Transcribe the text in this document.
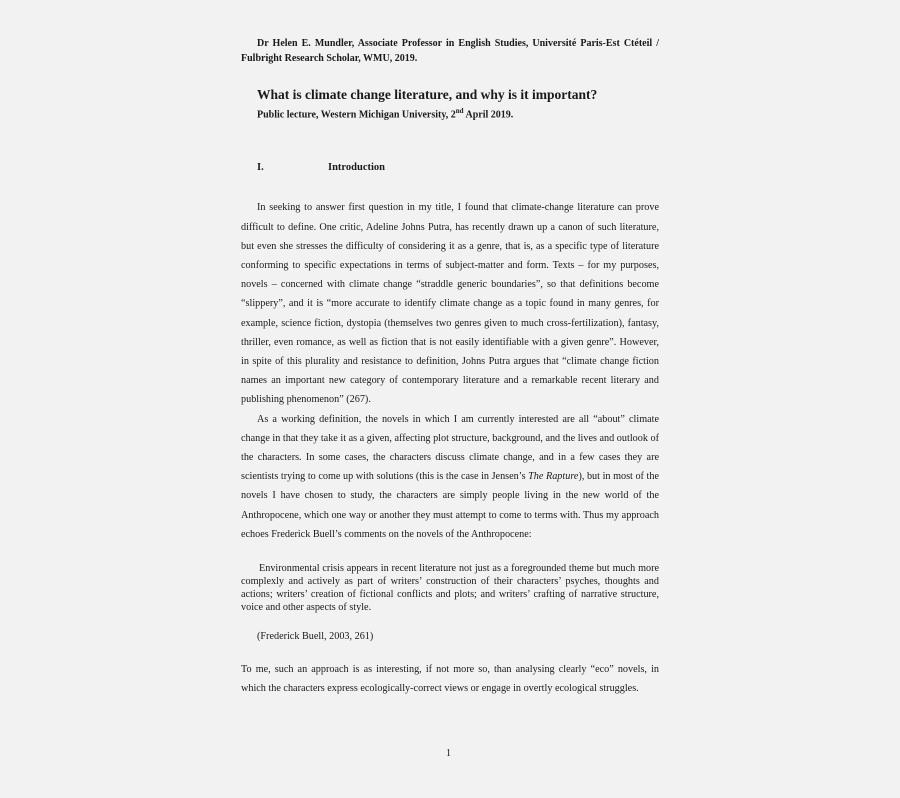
Dr Helen E. Mundler, Associate Professor in English Studies, Université Paris-Est Ctéteil / Fulbright Research Scholar, WMU, 2019.
What is climate change literature, and why is it important?
Public lecture, Western Michigan University, 2nd April 2019.
I.	Introduction

In seeking to answer first question in my title, I found that climate-change literature can prove difficult to define. One critic, Adeline Johns Putra, has recently drawn up a canon of such literature, but even she stresses the difficulty of considering it as a genre, that is, as a specific type of literature conforming to specific expectations in terms of subject-matter and form. Texts – for my purposes, novels – concerned with climate change “straddle generic boundaries”, so that definitions become “slippery”, and it is “more accurate to identify climate change as a topic found in many genres, for example, science fiction, dystopia (themselves two genres given to much cross-fertilization), fantasy, thriller, even romance, as well as fiction that is not easily identifiable with a given genre”. However, in spite of this plurality and resistance to definition, Johns Putra argues that “climate change fiction names an important new category of contemporary literature and a remarkable recent literary and publishing phenomenon” (267).

As a working definition, the novels in which I am currently interested are all “about” climate change in that they take it as a given, affecting plot structure, background, and the lives and outlook of the characters. In some cases, the characters discuss climate change, and in a few cases they are scientists trying to come up with solutions (this is the case in Jensen’s The Rapture), but in most of the novels I have chosen to study, the characters are simply people living in the new world of the Anthropocene, which one way or another they must attempt to come to terms with. Thus my approach echoes Frederick Buell’s comments on the novels of the Anthropocene:

Environmental crisis appears in recent literature not just as a foregrounded theme but much more complexly and actively as part of writers’ construction of their characters’ psyches, thoughts and actions; writers’ creation of fictional conflicts and plots; and writers’ crafting of narrative structure, voice and other aspects of style.
(Frederick Buell, 2003, 261)

To me, such an approach is as interesting, if not more so, than analysing clearly “eco” novels, in which the characters express ecologically-correct views or engage in overtly ecological struggles.

1
